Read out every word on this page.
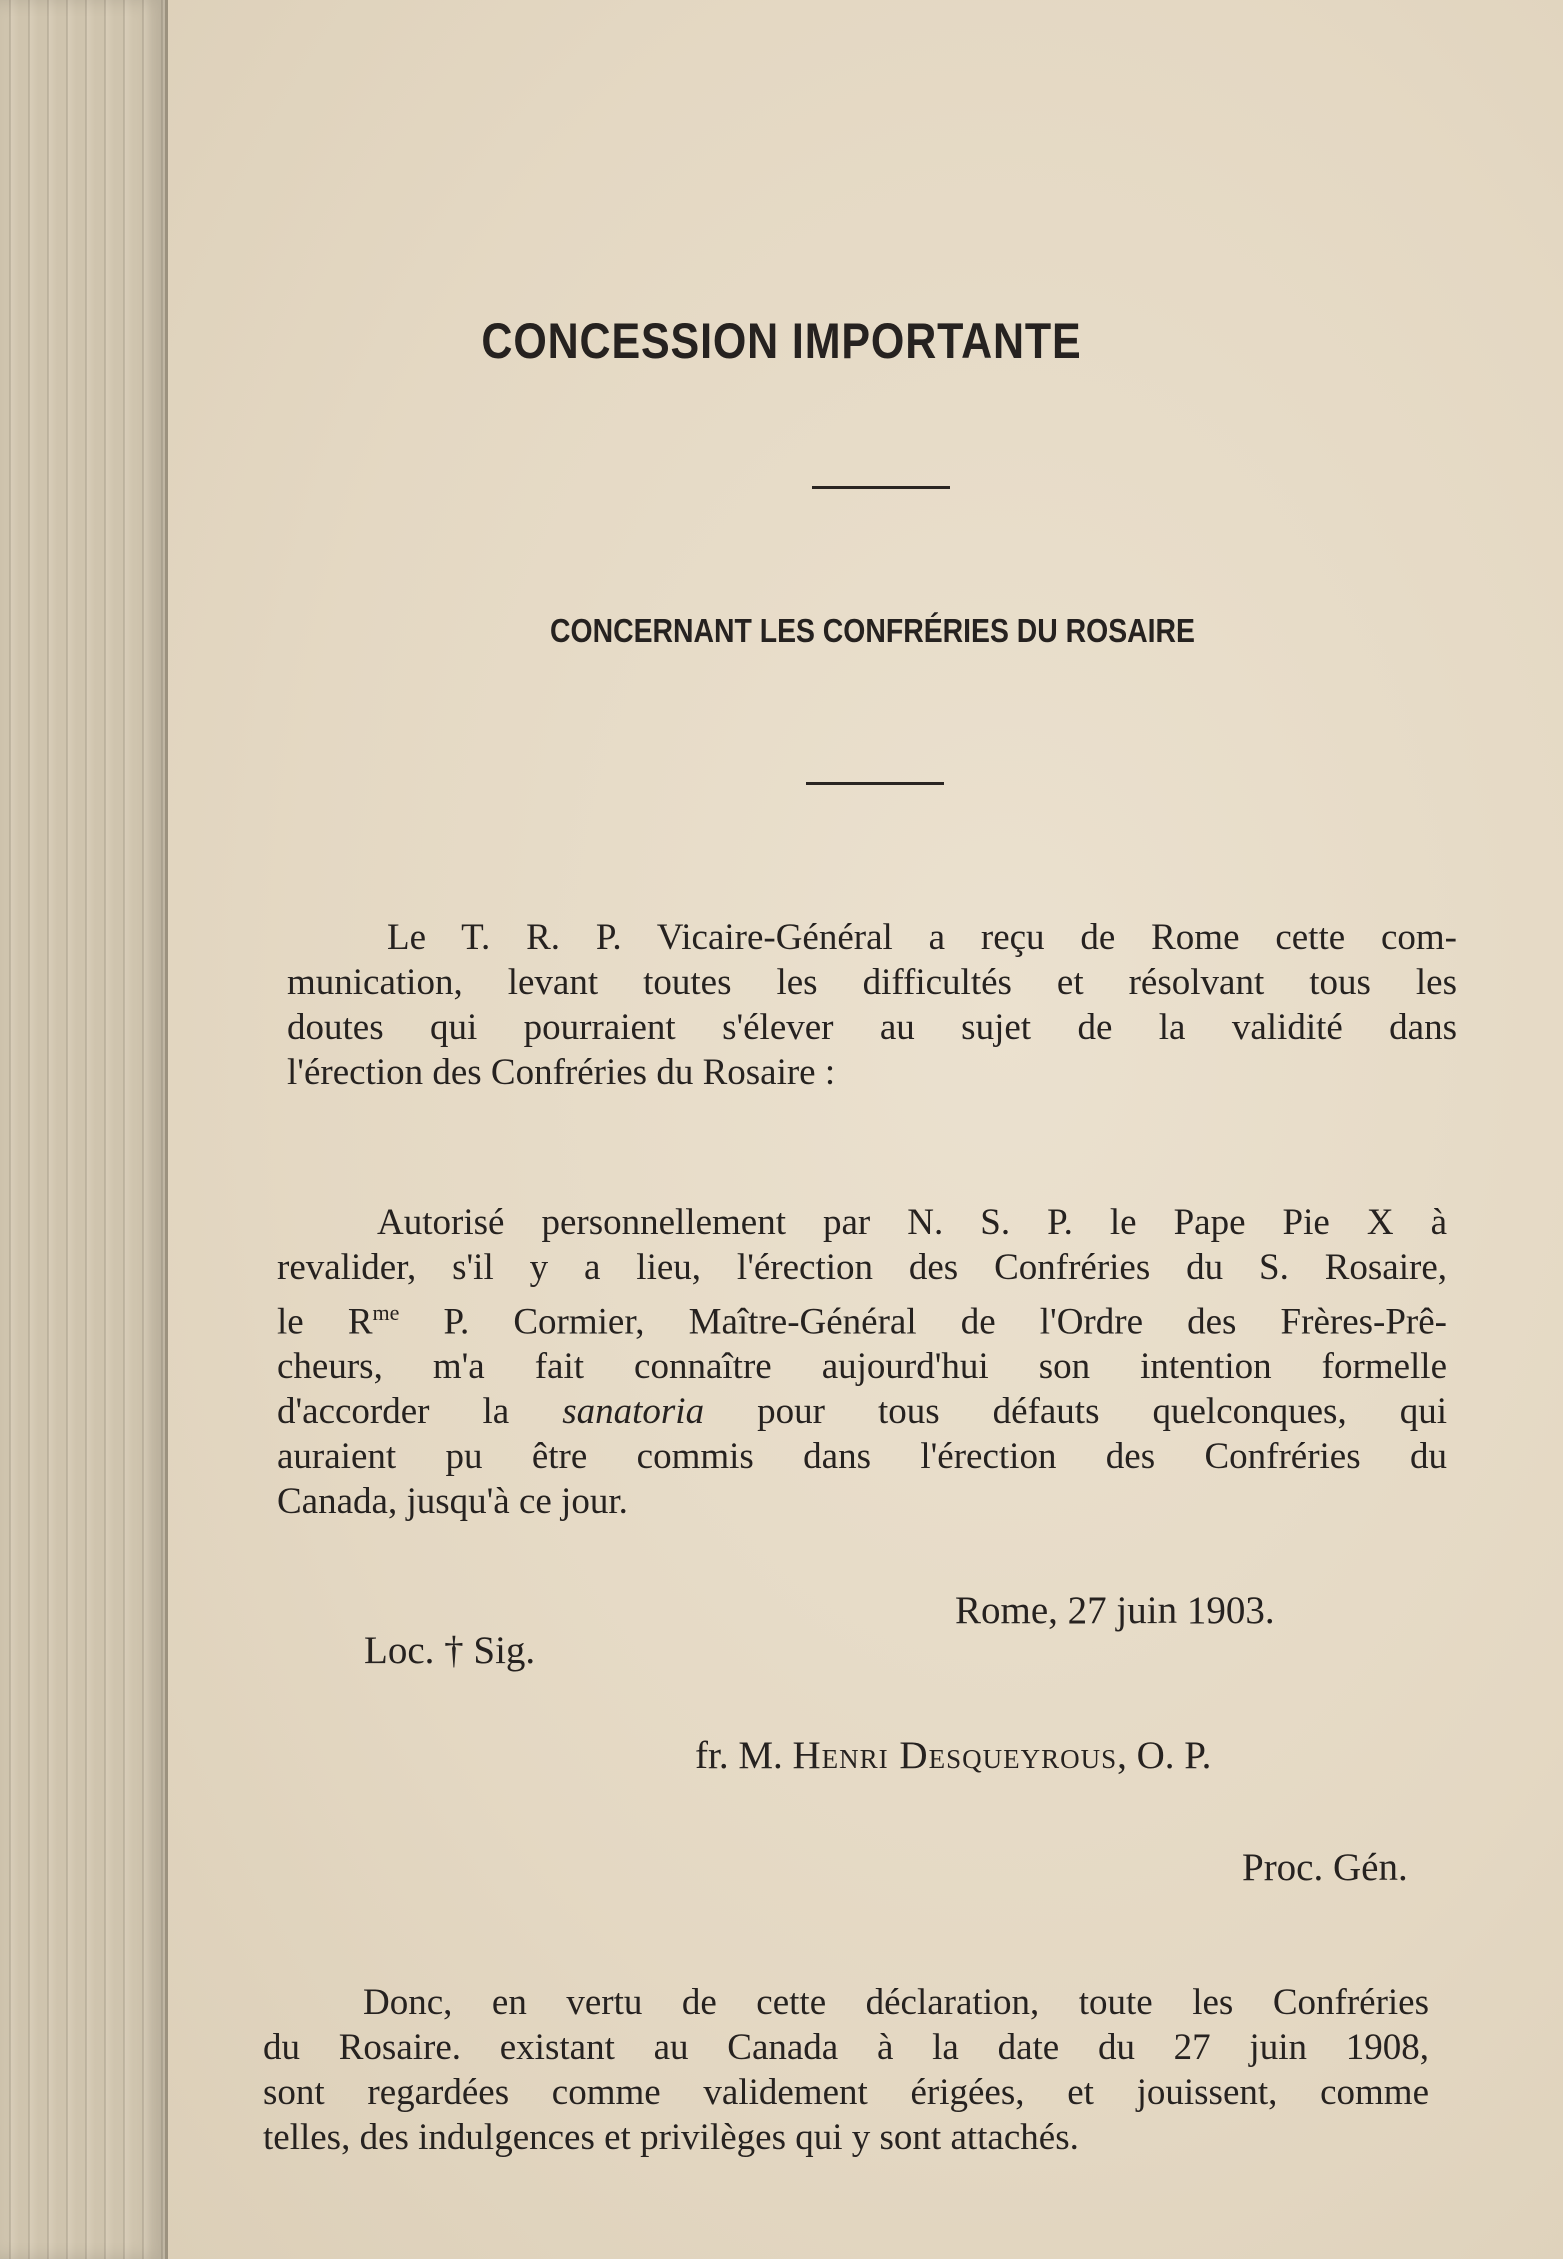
CONCESSION IMPORTANTE
CONCERNANT LES CONFRÉRIES DU ROSAIRE
Le T. R. P. Vicaire-Général a reçu de Rome cette com-
munication, levant toutes les difficultés et résolvant tous les
doutes qui pourraient s'élever au sujet de la validité dans
l'érection des Confréries du Rosaire :
Autorisé personnellement par N. S. P. le Pape Pie X à
revalider, s'il y a lieu, l'érection des Confréries du S. Rosaire,
le $R^{me}$ P. Cormier, Maître-Général de l'Ordre des Frères-Prê-
cheurs, m'a fait connaître aujourd'hui son intention formelle
d'accorder la sanatoria pour tous défauts quelconques, qui
auraient pu être commis dans l'érection des Confréries du
Canada, jusqu'à ce jour.
Rome, 27 juin 1903.
Loc. † Sig.
fr. M. Henri Desqueyrous, O. P.
Proc. Gén.
Donc, en vertu de cette déclaration, toute les Confréries
du Rosaire. existant au Canada à la date du 27 juin 1908,
sont regardées comme validement érigées, et jouissent, comme
telles, des indulgences et privilèges qui y sont attachés.
